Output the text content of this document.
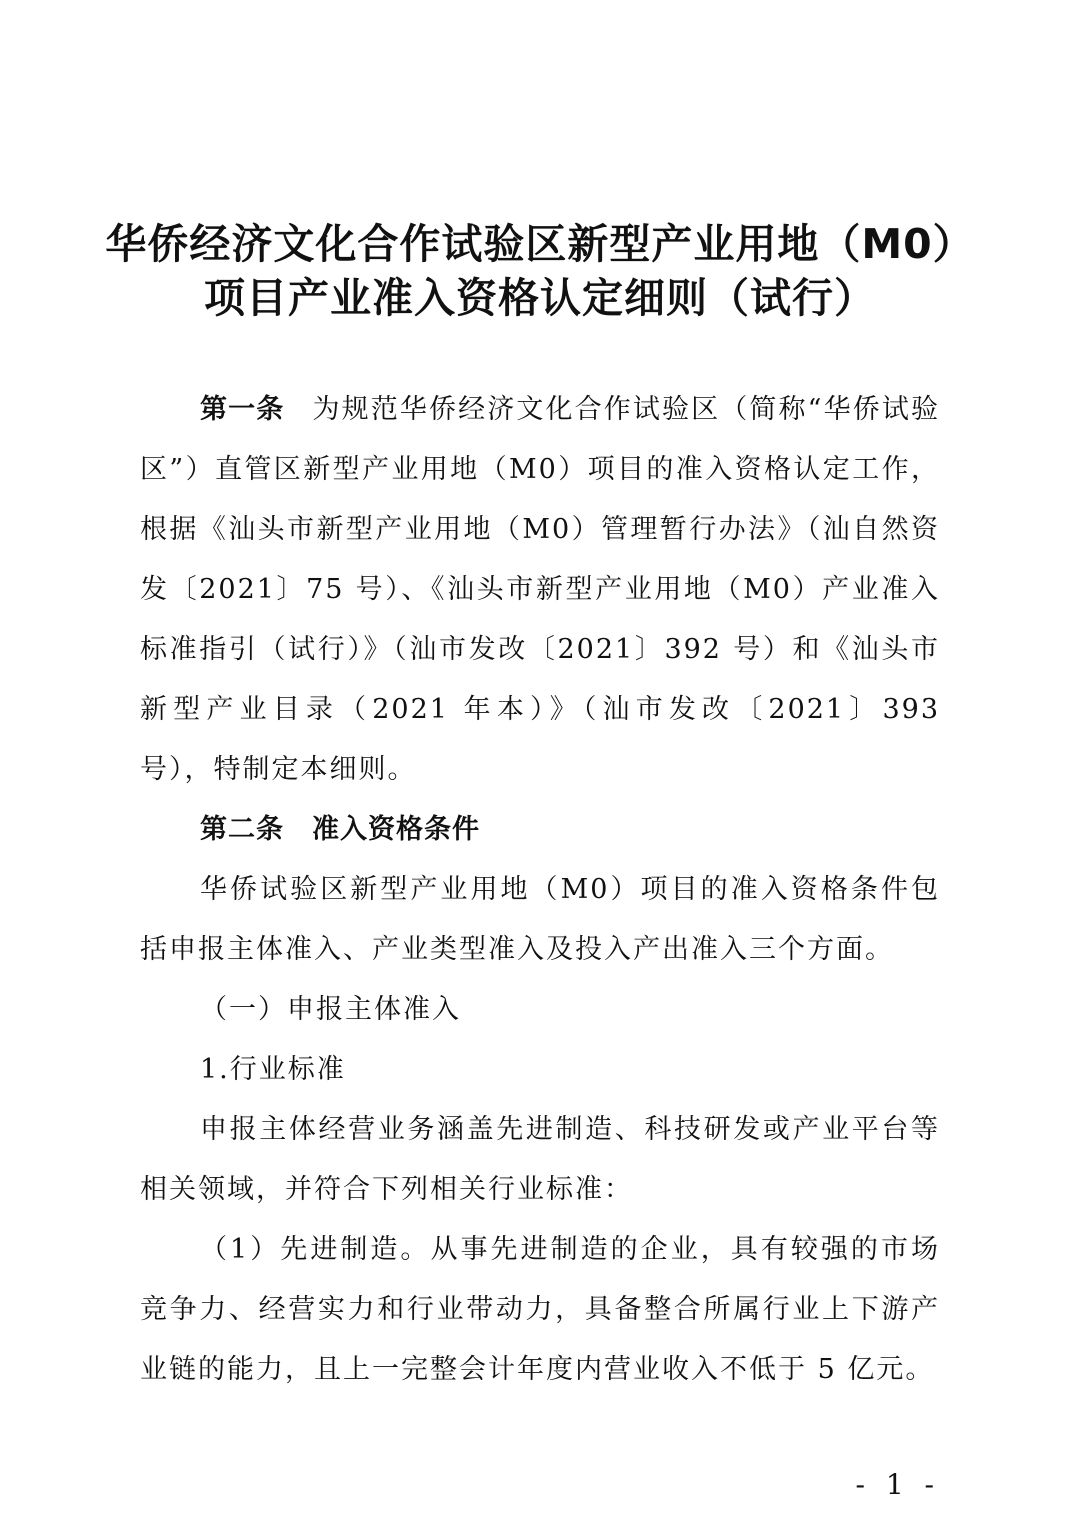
华侨经济文化合作试验区新型产业用地（M0）
项目产业准入资格认定细则（试行）

第一条 为规范华侨经济文化合作试验区（简称“华侨试验区”）直管区新型产业用地（M0）项目的准入资格认定工作，根据《汕头市新型产业用地（M0）管理暂行办法》（汕自然资发〔2021〕75 号）、《汕头市新型产业用地（M0）产业准入标准指引（试行）》（汕市发改〔2021〕392 号）和《汕头市新型产业目录（2021 年本）》（汕市发改〔2021〕393 号），特制定本细则。

第二条 准入资格条件

华侨试验区新型产业用地（M0）项目的准入资格条件包括申报主体准入、产业类型准入及投入产出准入三个方面。

（一）申报主体准入

1.行业标准

申报主体经营业务涵盖先进制造、科技研发或产业平台等相关领域，并符合下列相关行业标准：

（1）先进制造。从事先进制造的企业，具有较强的市场竞争力、经营实力和行业带动力，具备整合所属行业上下游产业链的能力，且上一完整会计年度内营业收入不低于 5 亿元。

- 1 -
